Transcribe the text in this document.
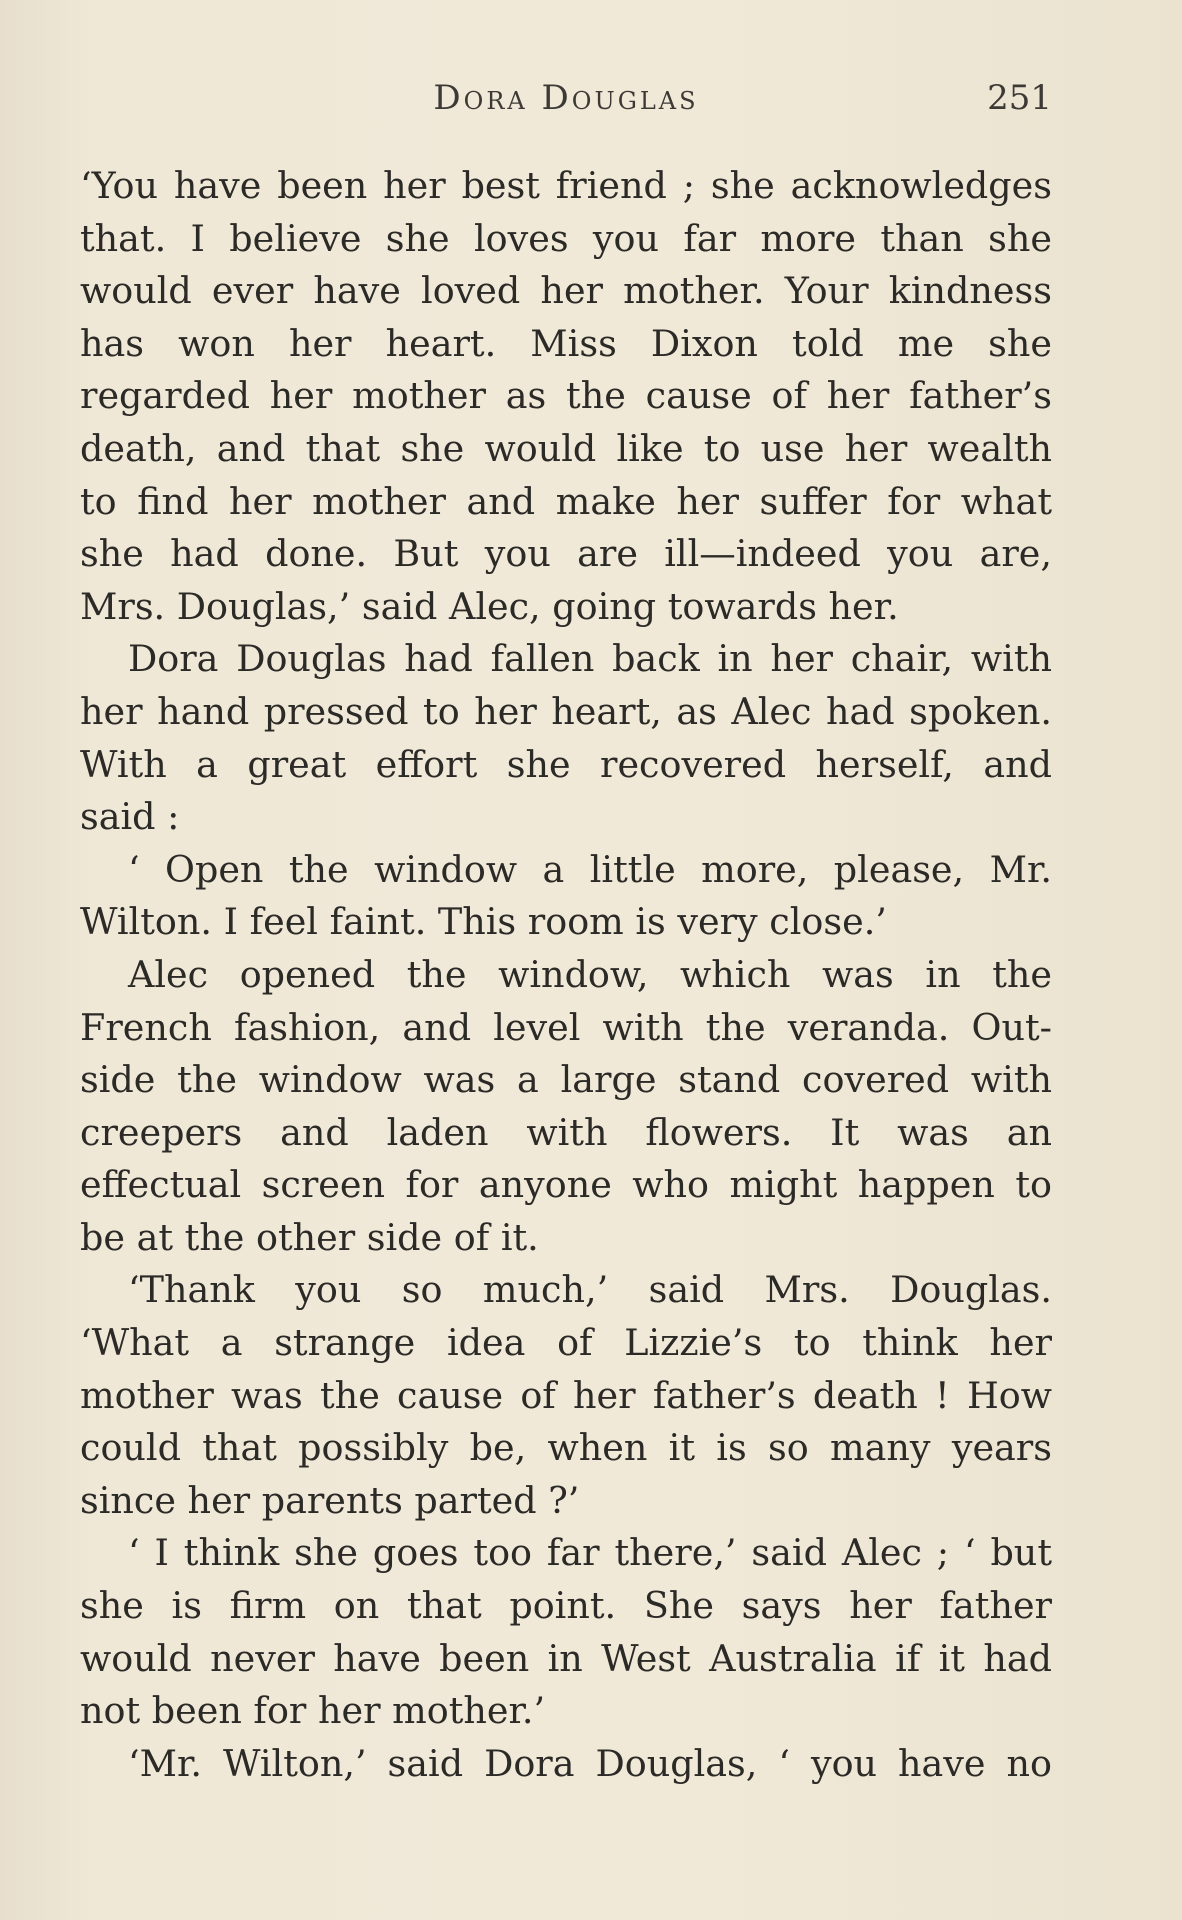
Dora Douglas	251
‘You have been her best friend ; she acknowledges
that. I believe she loves you far more than she
would ever have loved her mother. Your kindness
has won her heart. Miss Dixon told me she
regarded her mother as the cause of her father’s
death, and that she would like to use her wealth
to find her mother and make her suffer for what
she had done. But you are ill—indeed you are,
Mrs. Douglas,’ said Alec, going towards her.
Dora Douglas had fallen back in her chair, with
her hand pressed to her heart, as Alec had spoken.
With a great effort she recovered herself, and
said :
‘ Open the window a little more, please, Mr.
Wilton. I feel faint. This room is very close.’
Alec opened the window, which was in the
French fashion, and level with the veranda. Out-
side the window was a large stand covered with
creepers and laden with flowers. It was an
effectual screen for anyone who might happen to
be at the other side of it.
‘Thank you so much,’ said Mrs. Douglas.
‘What a strange idea of Lizzie’s to think her
mother was the cause of her father’s death ! How
could that possibly be, when it is so many years
since her parents parted ?’
‘ I think she goes too far there,’ said Alec ; ‘ but
she is firm on that point. She says her father
would never have been in West Australia if it had
not been for her mother.’
‘Mr. Wilton,’ said Dora Douglas, ‘ you have no
